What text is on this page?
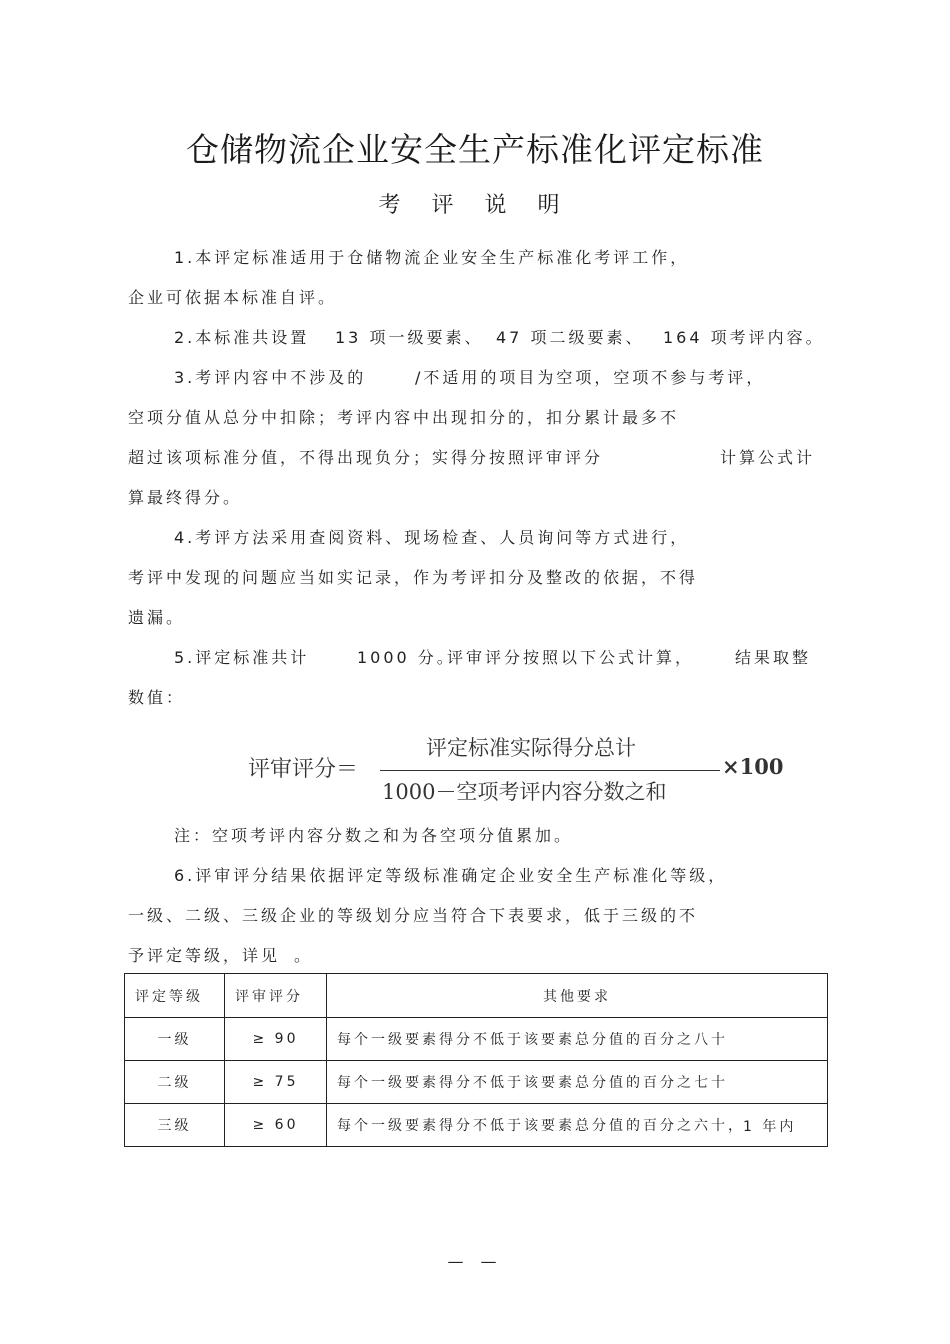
仓储物流企业安全生产标准化评定标准
考 评 说 明
1.本评定标准适用于仓储物流企业安全生产标准化考评工作，
企业可依据本标准自评。
2.本标准共设置 13 项一级要素、 47 项二级要素、 164 项考评内容。
3.考评内容中不涉及的	/不适用的项目为空项，空项不参与考评，
空项分值从总分中扣除；考评内容中出现扣分的，扣分累计最多不
超过该项标准分值，不得出现负分；实得分按照评审评分	计算公式计
算最终得分。
4.考评方法采用查阅资料、现场检查、人员询问等方式进行，
考评中发现的问题应当如实记录，作为考评扣分及整改的依据，不得
遗漏。
5.评定标准共计	1000 分。
评审评分按照以下公式计算，	结果取整
数值：
评审评分＝
评定标准实际得分总计
1000－空项考评内容分数之和
×100
注：空项考评内容分数之和为各空项分值累加。
6.评审评分结果依据评定等级标准确定企业安全生产标准化等级，
一级、二级、三级企业的等级划分应当符合下表要求，低于三级的不
予评定等级，详见 。
评定等级	评审评分	其他要求
一级	≥ 90	每个一级要素得分不低于该要素总分值的百分之八十
二级	≥ 75	每个一级要素得分不低于该要素总分值的百分之七十
三级	≥ 60	每个一级要素得分不低于该要素总分值的百分之六十，
1 年内
— —
